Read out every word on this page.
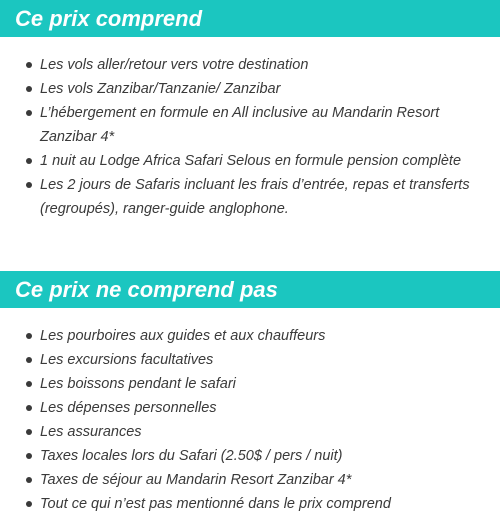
Ce prix comprend
Les vols aller/retour vers votre destination
Les vols Zanzibar/Tanzanie/ Zanzibar
L’hébergement en formule en All inclusive au Mandarin Resort Zanzibar 4*
1 nuit au Lodge Africa Safari Selous en formule pension complète
Les 2 jours de Safaris incluant les frais d’entrée, repas et transferts (regroupés), ranger-guide anglophone.
Ce prix ne comprend pas
Les pourboires aux guides et aux chauffeurs
Les excursions facultatives
Les boissons pendant le safari
Les dépenses personnelles
Les assurances
Taxes locales lors du Safari (2.50$ / pers / nuit)
Taxes de séjour au Mandarin Resort Zanzibar 4*
Tout ce qui n’est pas mentionné dans le prix comprend
